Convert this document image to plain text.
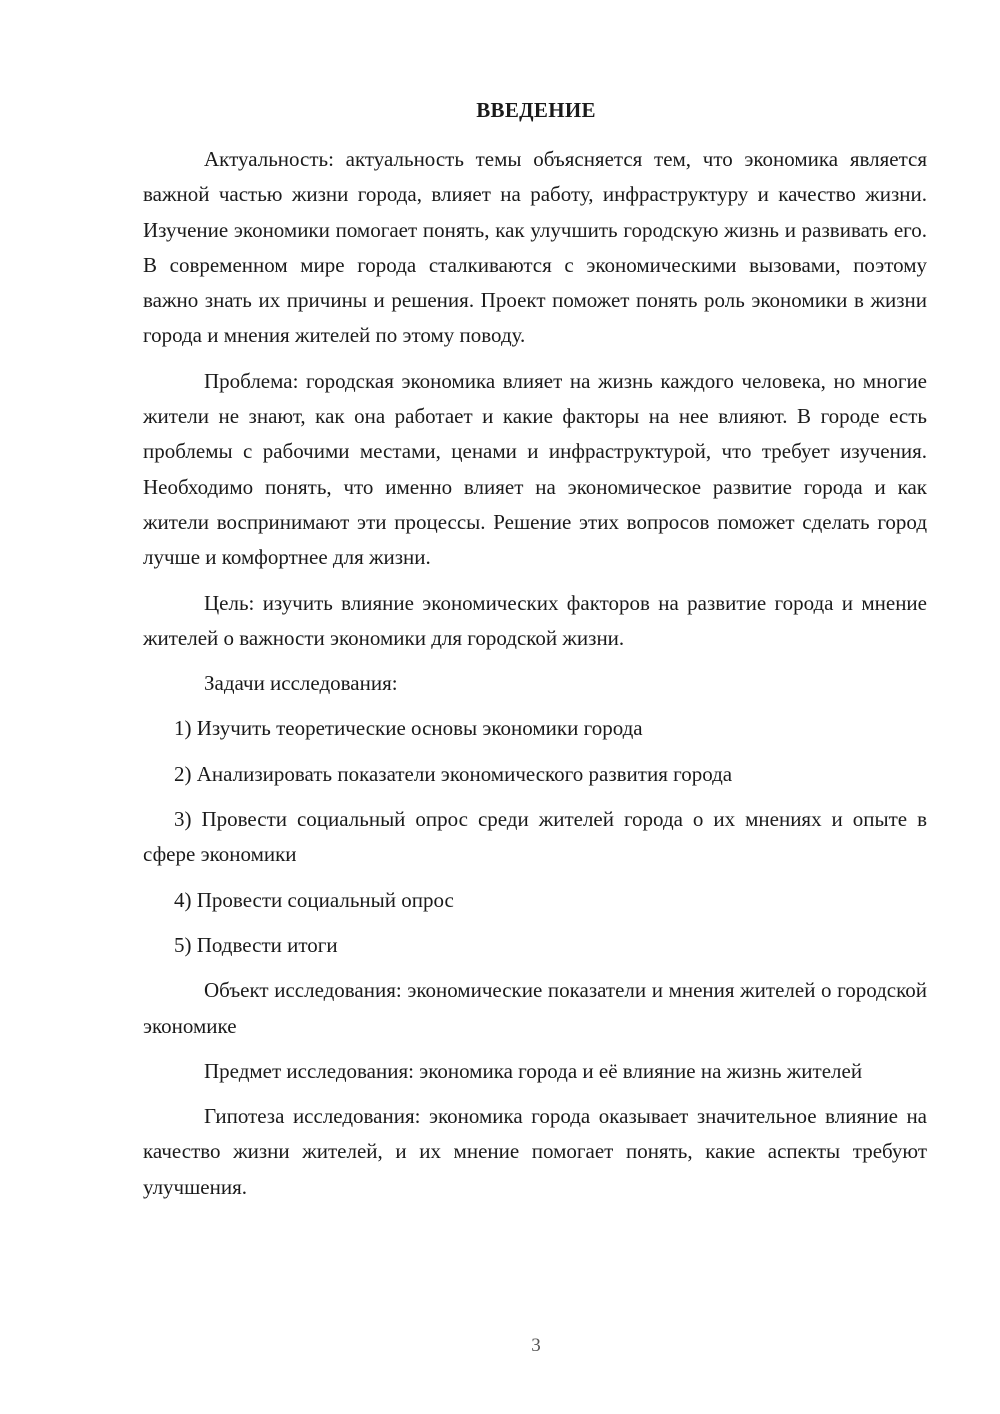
ВВЕДЕНИЕ

Актуальность: актуальность темы объясняется тем, что экономика является важной частью жизни города, влияет на работу, инфраструктуру и качество жизни. Изучение экономики помогает понять, как улучшить городскую жизнь и развивать его. В современном мире города сталкиваются с экономическими вызовами, поэтому важно знать их причины и решения. Проект поможет понять роль экономики в жизни города и мнения жителей по этому поводу.

Проблема: городская экономика влияет на жизнь каждого человека, но многие жители не знают, как она работает и какие факторы на нее влияют. В городе есть проблемы с рабочими местами, ценами и инфраструктурой, что требует изучения. Необходимо понять, что именно влияет на экономическое развитие города и как жители воспринимают эти процессы. Решение этих вопросов поможет сделать город лучше и комфортнее для жизни.

Цель: изучить влияние экономических факторов на развитие города и мнение жителей о важности экономики для городской жизни.

Задачи исследования:

1) Изучить теоретические основы экономики города

2) Анализировать показатели экономического развития города

3) Провести социальный опрос среди жителей города о их мнениях и опыте в сфере экономики

4) Провести социальный опрос

5) Подвести итоги

Объект исследования: экономические показатели и мнения жителей о городской экономике

Предмет исследования: экономика города и её влияние на жизнь жителей

Гипотеза исследования: экономика города оказывает значительное влияние на качество жизни жителей, и их мнение помогает понять, какие аспекты требуют улучшения.

3
